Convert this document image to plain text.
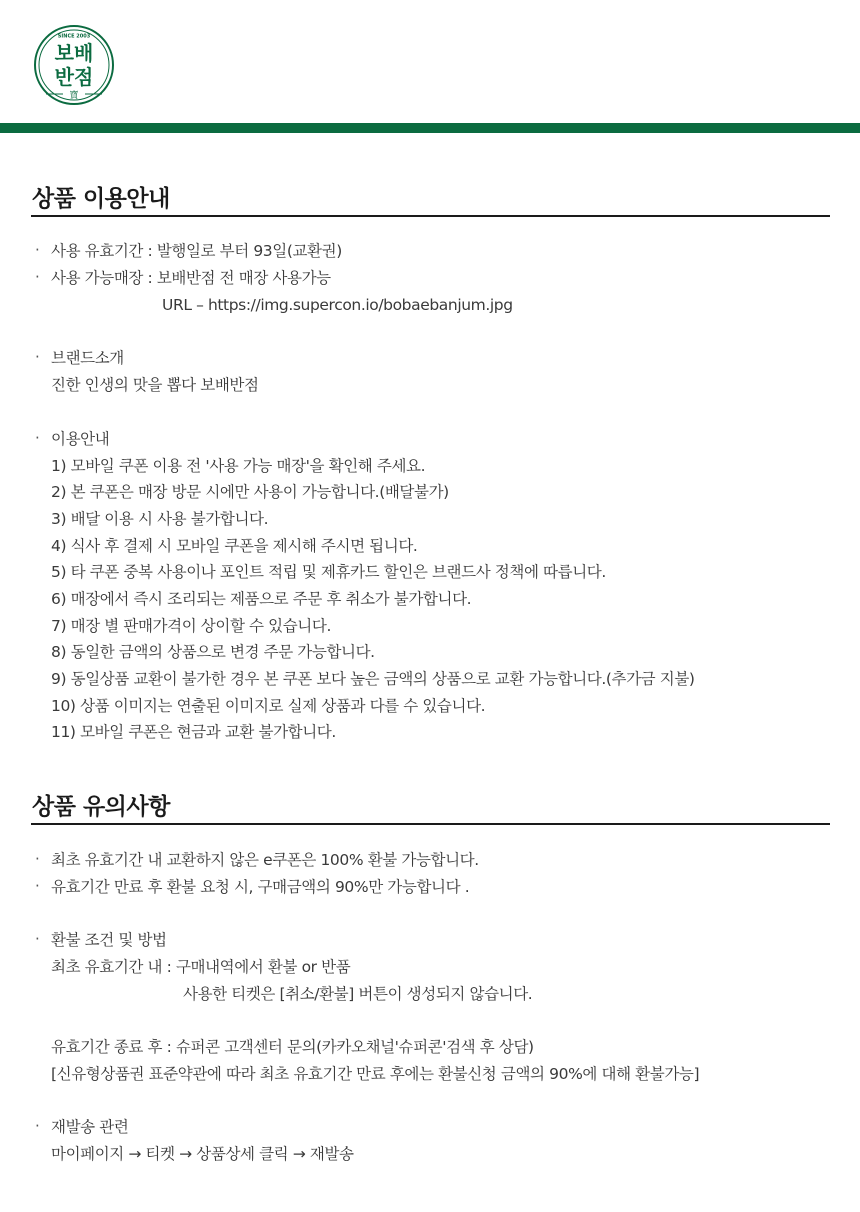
SINCE 2003
보배
반점
寶
상품 이용안내
· 사용 유효기간 : 발행일로 부터 93일(교환권)
· 사용 가능매장 : 보배반점 전 매장 사용가능
URL – https://img.supercon.io/bobaebanjum.jpg
· 브랜드소개
진한 인생의 맛을 뽑다 보배반점
· 이용안내
1) 모바일 쿠폰 이용 전 '사용 가능 매장'을 확인해 주세요.
2) 본 쿠폰은 매장 방문 시에만 사용이 가능합니다.(배달불가)
3) 배달 이용 시 사용 불가합니다.
4) 식사 후 결제 시 모바일 쿠폰을 제시해 주시면 됩니다.
5) 타 쿠폰 중복 사용이나 포인트 적립 및 제휴카드 할인은 브랜드사 정책에 따릅니다.
6) 매장에서 즉시 조리되는 제품으로 주문 후 취소가 불가합니다.
7) 매장 별 판매가격이 상이할 수 있습니다.
8) 동일한 금액의 상품으로 변경 주문 가능합니다.
9) 동일상품 교환이 불가한 경우 본 쿠폰 보다 높은 금액의 상품으로 교환 가능합니다.(추가금 지불)
10) 상품 이미지는 연출된 이미지로 실제 상품과 다를 수 있습니다.
11) 모바일 쿠폰은 현금과 교환 불가합니다.
상품 유의사항
· 최초 유효기간 내 교환하지 않은 e쿠폰은 100% 환불 가능합니다.
· 유효기간 만료 후 환불 요청 시, 구매금액의 90%만 가능합니다 .
· 환불 조건 및 방법
최초 유효기간 내 : 구매내역에서 환불 or 반품
사용한 티켓은 [취소/환불] 버튼이 생성되지 않습니다.
유효기간 종료 후 : 슈퍼콘 고객센터 문의(카카오채널'슈퍼콘'검색 후 상담)
[신유형상품권 표준약관에 따라 최초 유효기간 만료 후에는 환불신청 금액의 90%에 대해 환불가능]
· 재발송 관련
마이페이지 → 티켓 → 상품상세 클릭 → 재발송
